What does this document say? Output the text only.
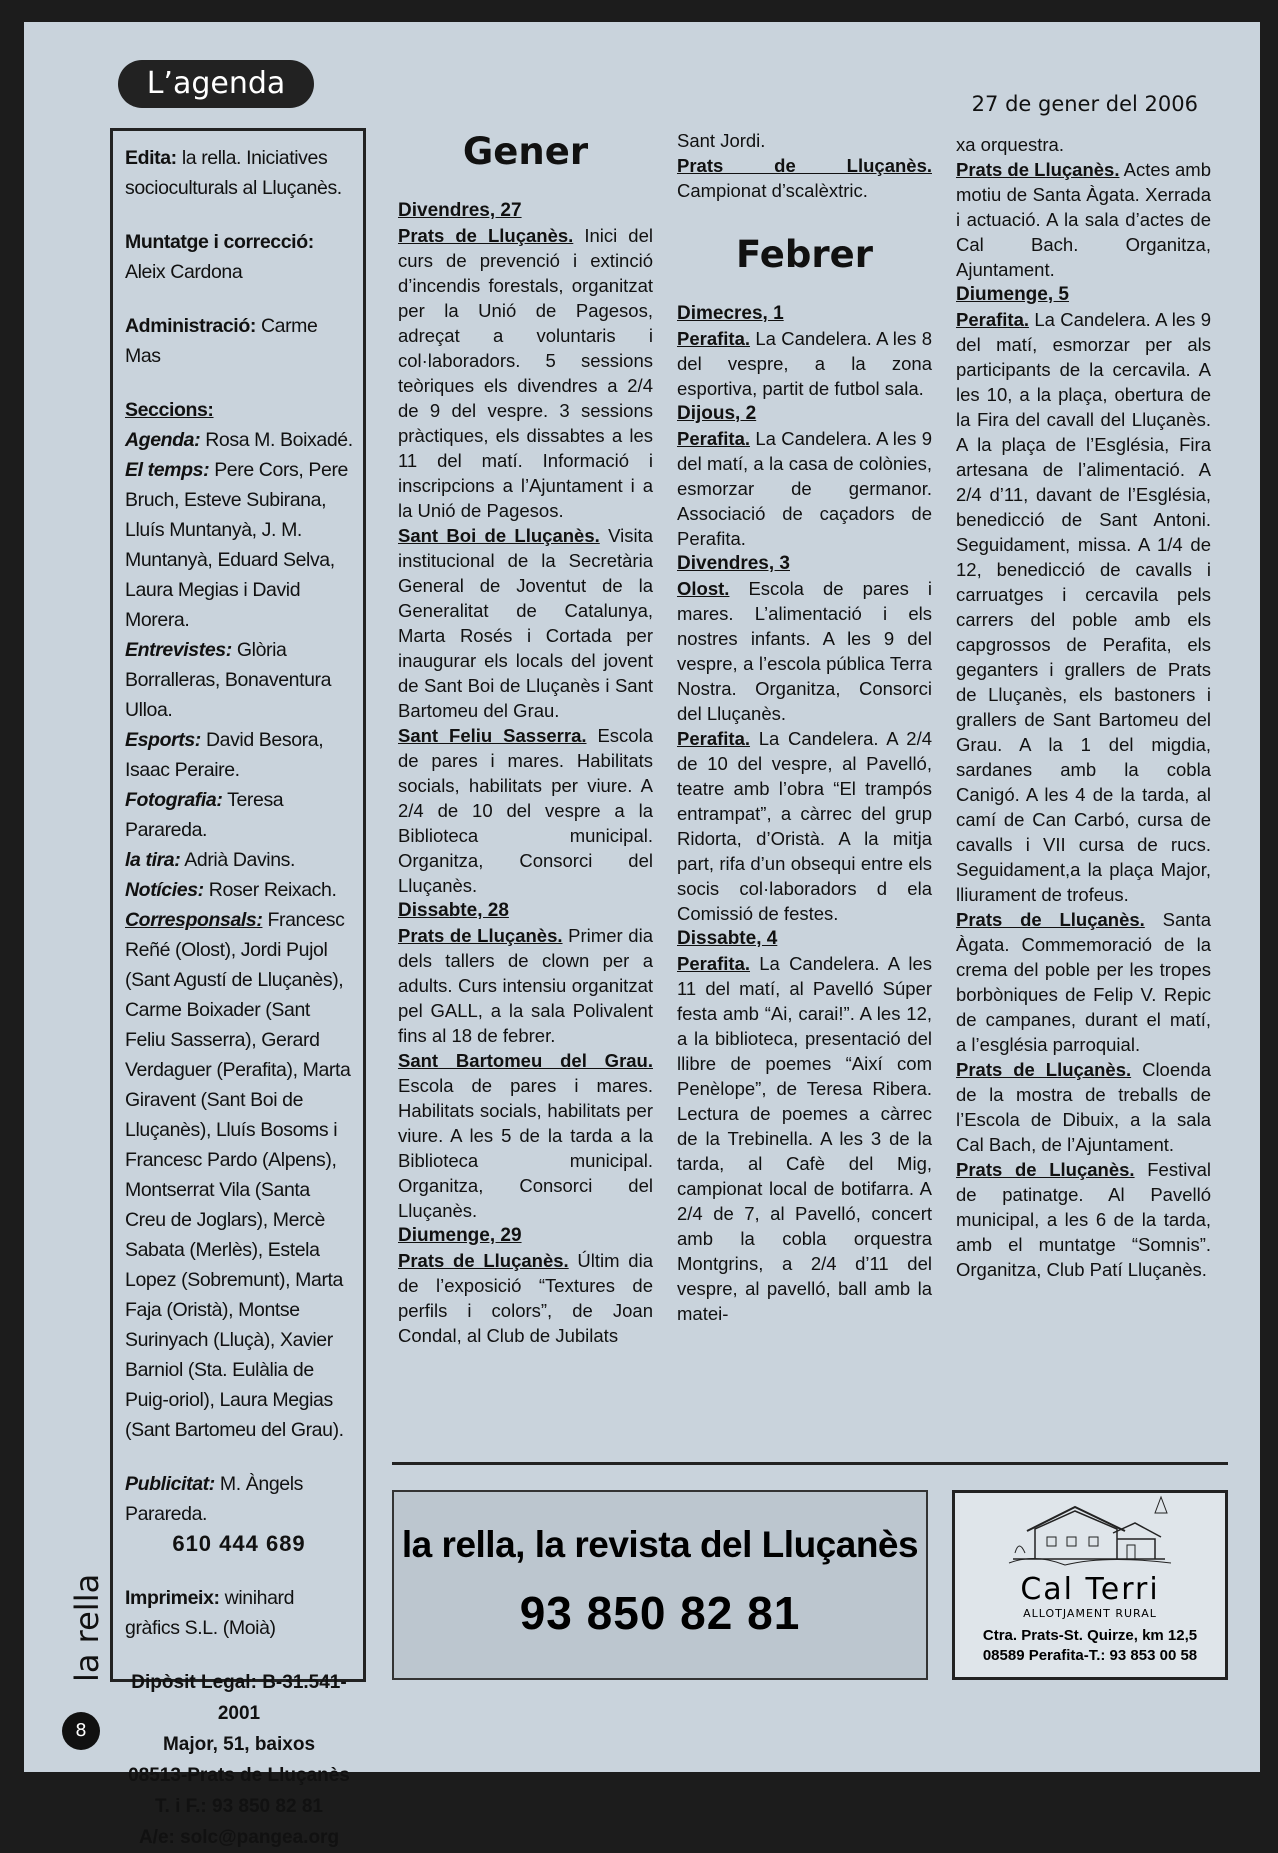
L’agenda
27 de gener del 2006
Edita: la rella. Iniciatives socioculturals al Lluçanès.
Muntatge i correcció: Aleix Cardona
Administració: Carme Mas
Seccions:
Agenda: Rosa M. Boixadé.
El temps: Pere Cors, Pere Bruch, Esteve Subirana, Lluís Muntanyà, J. M. Muntanyà, Eduard Selva, Laura Megias i David Morera.
Entrevistes: Glòria Borralleras, Bonaventura Ulloa.
Esports: David Besora, Isaac Peraire.
Fotografia: Teresa Parareda.
la tira: Adrià Davins.
Notícies: Roser Reixach.
Corresponsals: Francesc Reñé (Olost), Jordi Pujol (Sant Agustí de Lluçanès), Carme Boixader (Sant Feliu Sasserra), Gerard Verdaguer (Perafita), Marta Giravent (Sant Boi de Lluçanès), Lluís Bosoms i Francesc Pardo (Alpens), Montserrat Vila (Santa Creu de Joglars), Mercè Sabata (Merlès), Estela Lopez (Sobremunt), Marta Faja (Oristà), Montse Surinyach (Lluçà), Xavier Barniol (Sta. Eulàlia de Puig-oriol), Laura Megias (Sant Bartomeu del Grau).
Publicitat: M. Àngels Parareda.
610 444 689
Imprimeix: winihard gràfics S.L. (Moià)
Dipòsit Legal: B-31.541-2001
Major, 51, baixos
08513-Prats de Lluçanès
T. i F.: 93 850 82 81
A/e: solc@pangea.org
Gener
Divendres, 27

Prats de Lluçanès. Inici del curs de prevenció i extinció d’incendis forestals, organitzat per la Unió de Pagesos, adreçat a voluntaris i col·laboradors. 5 sessions teòriques els divendres a 2/4 de 9 del vespre. 3 sessions pràctiques, els dissabtes a les 11 del matí. Informació i inscripcions a l’Ajuntament i a la Unió de Pagesos.

Sant Boi de Lluçanès. Visita institucional de la Secretària General de Joventut de la Generalitat de Catalunya, Marta Rosés i Cortada per inaugurar els locals del jovent de Sant Boi de Lluçanès i Sant Bartomeu del Grau.

Sant Feliu Sasserra. Escola de pares i mares. Habilitats socials, habilitats per viure. A 2/4 de 10 del vespre a la Biblioteca municipal. Organitza, Consorci del Lluçanès.

Dissabte, 28

Prats de Lluçanès. Primer dia dels tallers de clown per a adults. Curs intensiu organitzat pel GALL, a la sala Polivalent fins al 18 de febrer.

Sant Bartomeu del Grau. Escola de pares i mares. Habilitats socials, habilitats per viure. A les 5 de la tarda a la Biblioteca municipal. Organitza, Consorci del Lluçanès.

Diumenge, 29

Prats de Lluçanès. Últim dia de l’exposició “Textures de perfils i colors”, de Joan Condal, al Club de Jubilats

Sant Jordi.

Prats de Lluçanès. Campionat d’scalèxtric.

Febrer
Dimecres, 1

Perafita. La Candelera. A les 8 del vespre, a la zona esportiva, partit de futbol sala.

Dijous, 2

Perafita. La Candelera. A les 9 del matí, a la casa de colònies, esmorzar de germanor. Associació de caçadors de Perafita.

Divendres, 3

Olost. Escola de pares i mares. L’alimentació i els nostres infants. A les 9 del vespre, a l’escola pública Terra Nostra. Organitza, Consorci del Lluçanès.

Perafita. La Candelera. A 2/4 de 10 del vespre, al Pavelló, teatre amb l’obra “El trampós entrampat”, a càrrec del grup Ridorta, d’Oristà. A la mitja part, rifa d’un obsequi entre els socis col·laboradors d ela Comissió de festes.

Dissabte, 4

Perafita. La Candelera. A les 11 del matí, al Pavelló Súper festa amb “Ai, carai!”. A les 12, a la biblioteca, presentació del llibre de poemes “Així com Penèlope”, de Teresa Ribera. Lectura de poemes a càrrec de la Trebinella. A les 3 de la tarda, al Cafè del Mig, campionat local de botifarra. A 2/4 de 7, al Pavelló, concert amb la cobla orquestra Montgrins, a 2/4 d’11 del vespre, al pavelló, ball amb la matei-

xa orquestra.

Prats de Lluçanès. Actes amb motiu de Santa Àgata. Xerrada i actuació. A la sala d’actes de Cal Bach. Organitza, Ajuntament.

Diumenge, 5

Perafita. La Candelera. A les 9 del matí, esmorzar per als participants de la cercavila. A les 10, a la plaça, obertura de la Fira del cavall del Lluçanès. A la plaça de l’Església, Fira artesana de l’alimentació. A 2/4 d’11, davant de l’Església, benedicció de Sant Antoni. Seguidament, missa. A 1/4 de 12, benedicció de cavalls i carruatges i cercavila pels carrers del poble amb els capgrossos de Perafita, els geganters i grallers de Prats de Lluçanès, els bastoners i grallers de Sant Bartomeu del Grau. A la 1 del migdia, sardanes amb la cobla Canigó. A les 4 de la tarda, al camí de Can Carbó, cursa de cavalls i VII cursa de rucs. Seguidament,a la plaça Major, lliurament de trofeus.

Prats de Lluçanès. Santa Àgata. Commemoració de la crema del poble per les tropes borbòniques de Felip V. Repic de campanes, durant el matí, a l’església parroquial.

Prats de Lluçanès. Cloenda de la mostra de treballs de l’Escola de Dibuix, a la sala Cal Bach, de l’Ajuntament.

Prats de Lluçanès. Festival de patinatge. Al Pavelló municipal, a les 6 de la tarda, amb el muntatge “Somnis”. Organitza, Club Patí Lluçanès.

la rella, la revista del Lluçanès
93 850 82 81	Cal Terri
ALLOTJAMENT RURAL
Ctra. Prats-St. Quirze, km 12,5
08589 Perafita-T.: 93 853 00 58
la rella
8
